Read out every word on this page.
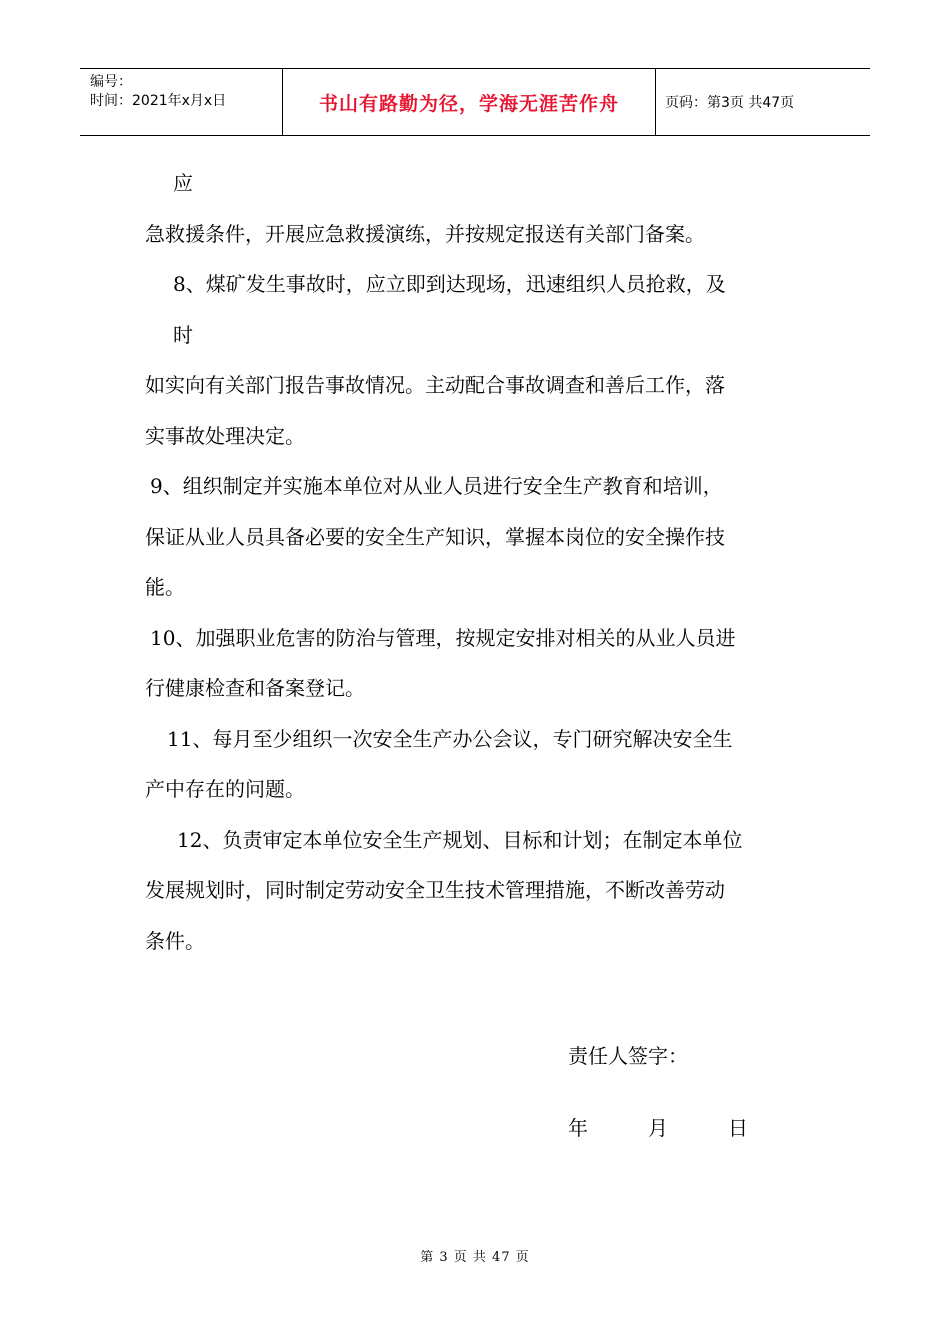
编号：
时间：2021年x月x日	书山有路勤为径，学海无涯苦作舟	页码：第3页 共47页

应

急救援条件，开展应急救援演练，并按规定报送有关部门备案。

8、煤矿发生事故时，应立即到达现场，迅速组织人员抢救，及

时

如实向有关部门报告事故情况。主动配合事故调查和善后工作，落

实事故处理决定。

9、组织制定并实施本单位对从业人员进行安全生产教育和培训，

保证从业人员具备必要的安全生产知识，掌握本岗位的安全操作技

能。

10、加强职业危害的防治与管理，按规定安排对相关的从业人员进

行健康检查和备案登记。

11、每月至少组织一次安全生产办公会议，专门研究解决安全生

产中存在的问题。

12、负责审定本单位安全生产规划、目标和计划；在制定本单位

发展规划时，同时制定劳动安全卫生技术管理措施，不断改善劳动

条件。

责任人签字：
年	月	日
第 3 页 共 47 页
